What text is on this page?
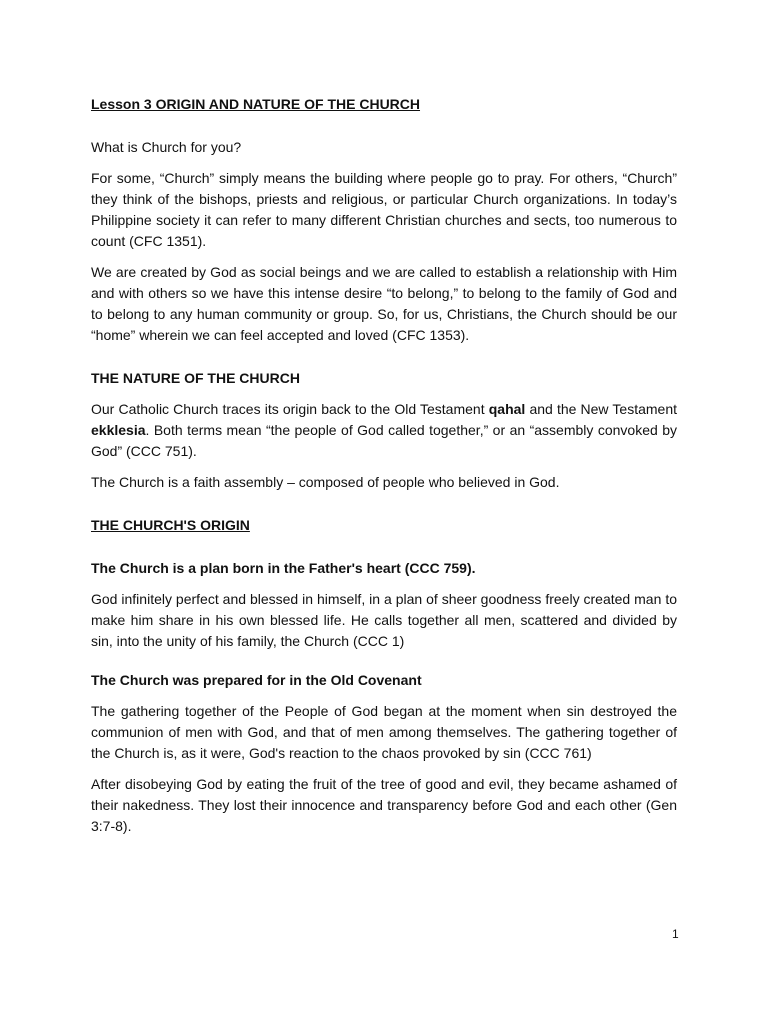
Lesson 3 ORIGIN AND NATURE OF THE CHURCH

What is Church for you?

For some, “Church” simply means the building where people go to pray. For others, “Church” they think of the bishops, priests and religious, or particular Church organizations. In today’s Philippine society it can refer to many different Christian churches and sects, too numerous to count (CFC 1351).

We are created by God as social beings and we are called to establish a relationship with Him and with others so we have this intense desire “to belong,” to belong to the family of God and to belong to any human community or group. So, for us, Christians, the Church should be our “home” wherein we can feel accepted and loved (CFC 1353).

THE NATURE OF THE CHURCH

Our Catholic Church traces its origin back to the Old Testament qahal and the New Testament ekklesia. Both terms mean “the people of God called together,” or an “assembly convoked by God” (CCC 751).

The Church is a faith assembly – composed of people who believed in God.

THE CHURCH'S ORIGIN

The Church is a plan born in the Father's heart (CCC 759).

God infinitely perfect and blessed in himself, in a plan of sheer goodness freely created man to make him share in his own blessed life. He calls together all men, scattered and divided by sin, into the unity of his family, the Church (CCC 1)

The Church was prepared for in the Old Covenant

The gathering together of the People of God began at the moment when sin destroyed the communion of men with God, and that of men among themselves. The gathering together of the Church is, as it were, God's reaction to the chaos provoked by sin (CCC 761)

After disobeying God by eating the fruit of the tree of good and evil, they became ashamed of their nakedness. They lost their innocence and transparency before God and each other (Gen 3:7-8).

1
